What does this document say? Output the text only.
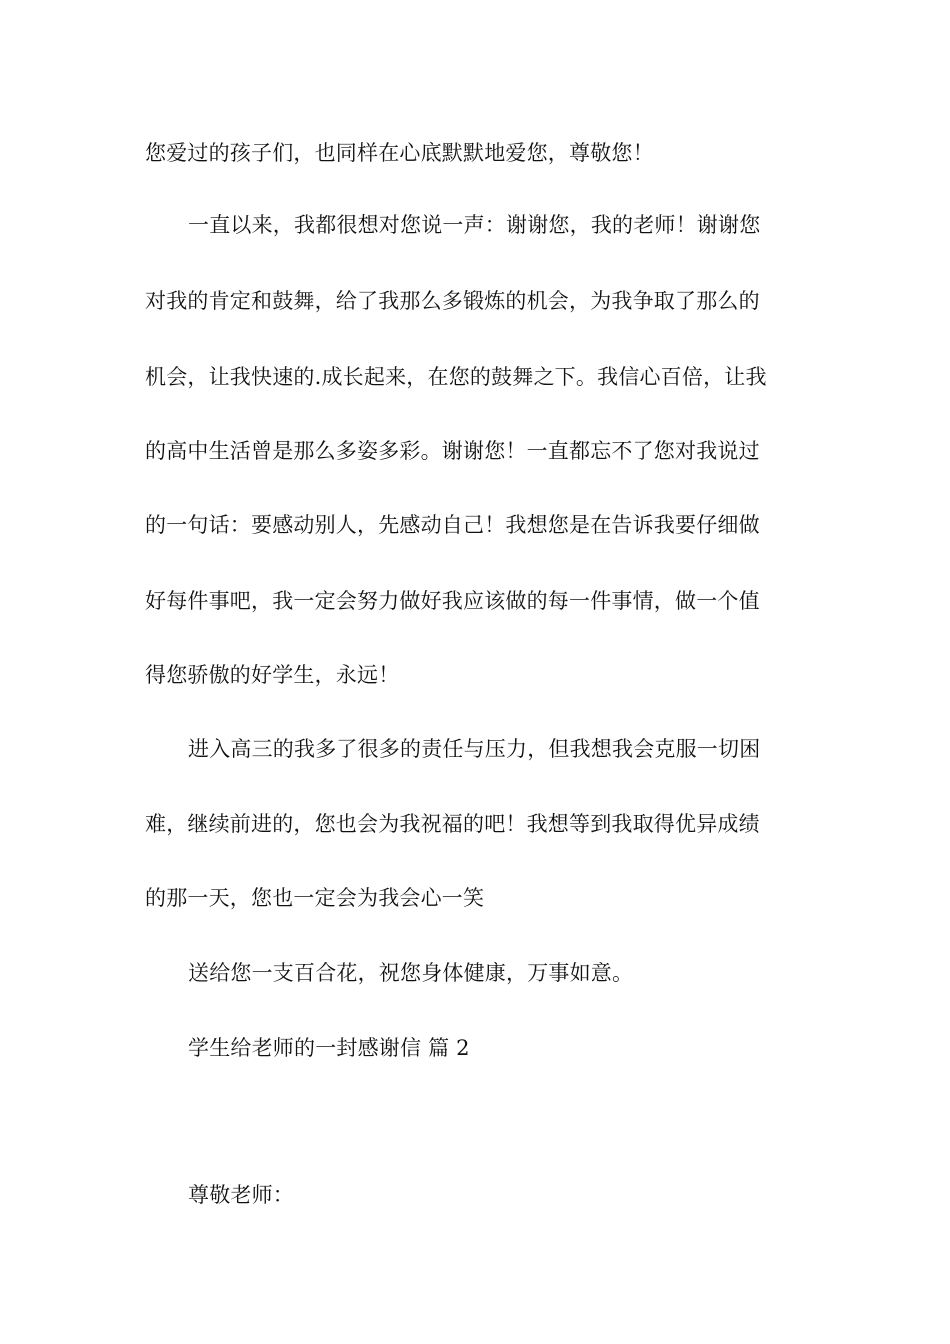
您爱过的孩子们，也同样在心底默默地爱您，尊敬您！
一直以来，我都很想对您说一声：谢谢您，我的老师！谢谢您
对我的肯定和鼓舞，给了我那么多锻炼的机会，为我争取了那么的
机会，让我快速的.成长起来，在您的鼓舞之下。我信心百倍，让我
的高中生活曾是那么多姿多彩。谢谢您！一直都忘不了您对我说过
的一句话：要感动别人，先感动自己！我想您是在告诉我要仔细做
好每件事吧，我一定会努力做好我应该做的每一件事情，做一个值
得您骄傲的好学生，永远！
进入高三的我多了很多的责任与压力，但我想我会克服一切困
难，继续前进的，您也会为我祝福的吧！我想等到我取得优异成绩
的那一天，您也一定会为我会心一笑
送给您一支百合花，祝您身体健康，万事如意。
学生给老师的一封感谢信 篇 2
尊敬老师：
